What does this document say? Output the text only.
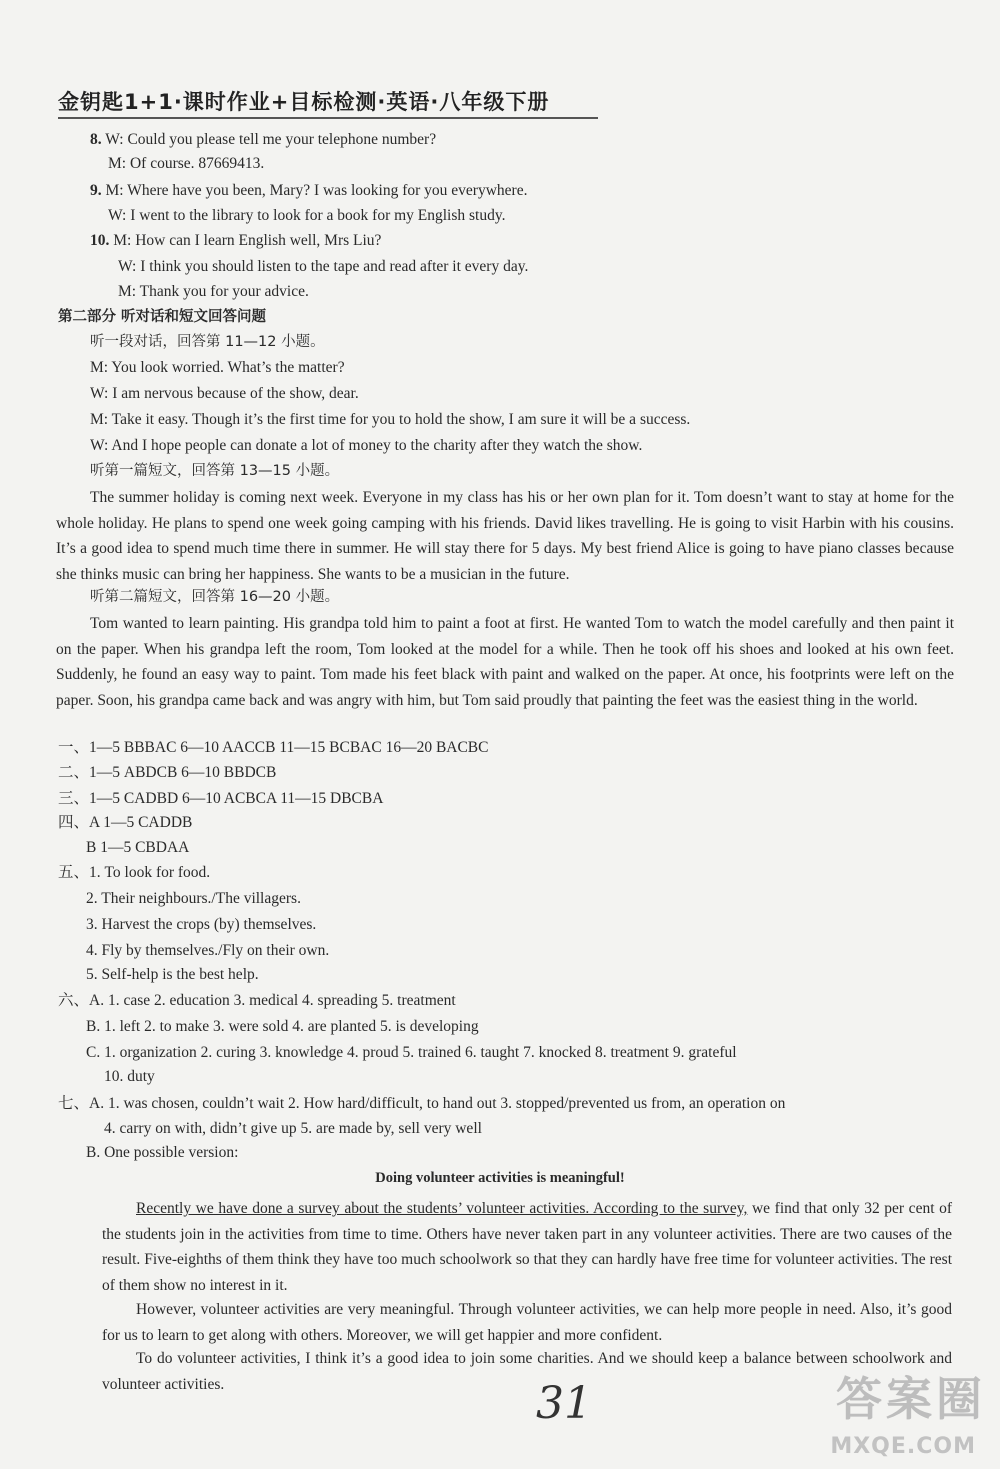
金钥匙1+1·课时作业+目标检测·英语·八年级下册
8. W: Could you please tell me your telephone number?
M: Of course. 87669413.
9. M: Where have you been, Mary? I was looking for you everywhere.
W: I went to the library to look for a book for my English study.
10. M: How can I learn English well, Mrs Liu?
W: I think you should listen to the tape and read after it every day.
M: Thank you for your advice.
第二部分 听对话和短文回答问题
听一段对话，回答第 11—12 小题。
M: You look worried. What’s the matter?
W: I am nervous because of the show, dear.
M: Take it easy. Though it’s the first time for you to hold the show, I am sure it will be a success.
W: And I hope people can donate a lot of money to the charity after they watch the show.
听第一篇短文，回答第 13—15 小题。
The summer holiday is coming next week. Everyone in my class has his or her own plan for it. Tom doesn’t want to stay at home for the whole holiday. He plans to spend one week going camping with his friends. David likes travelling. He is going to visit Harbin with his cousins. It’s a good idea to spend much time there in summer. He will stay there for 5 days. My best friend Alice is going to have piano classes because she thinks music can bring her happiness. She wants to be a musician in the future.
听第二篇短文，回答第 16—20 小题。
Tom wanted to learn painting. His grandpa told him to paint a foot at first. He wanted Tom to watch the model carefully and then paint it on the paper. When his grandpa left the room, Tom looked at the model for a while. Then he took off his shoes and looked at his own feet. Suddenly, he found an easy way to paint. Tom made his feet black with paint and walked on the paper. At once, his footprints were left on the paper. Soon, his grandpa came back and was angry with him, but Tom said proudly that painting the feet was the easiest thing in the world.
一、1—5 BBBAC 6—10 AACCB 11—15 BCBAC 16—20 BACBC
二、1—5 ABDCB 6—10 BBDCB
三、1—5 CADBD 6—10 ACBCA 11—15 DBCBA
四、A 1—5 CADDB
B 1—5 CBDAA
五、1. To look for food.
2. Their neighbours./The villagers.
3. Harvest the crops (by) themselves.
4. Fly by themselves./Fly on their own.
5. Self-help is the best help.
六、A. 1. case 2. education 3. medical 4. spreading 5. treatment
B. 1. left 2. to make 3. were sold 4. are planted 5. is developing
C. 1. organization 2. curing 3. knowledge 4. proud 5. trained 6. taught 7. knocked 8. treatment 9. grateful
10. duty
七、A. 1. was chosen, couldn’t wait 2. How hard/difficult, to hand out 3. stopped/prevented us from, an operation on
4. carry on with, didn’t give up 5. are made by, sell very well
B. One possible version:
Doing volunteer activities is meaningful!
Recently we have done a survey about the students’ volunteer activities. According to the survey, we find that only 32 per cent of the students join in the activities from time to time. Others have never taken part in any volunteer activities. There are two causes of the result. Five-eighths of them think they have too much schoolwork so that they can hardly have free time for volunteer activities. The rest of them show no interest in it.
However, volunteer activities are very meaningful. Through volunteer activities, we can help more people in need. Also, it’s good for us to learn to get along with others. Moreover, we will get happier and more confident.
To do volunteer activities, I think it’s a good idea to join some charities. And we should keep a balance between schoolwork and volunteer activities.	31	答案圈
MXQE.COM
